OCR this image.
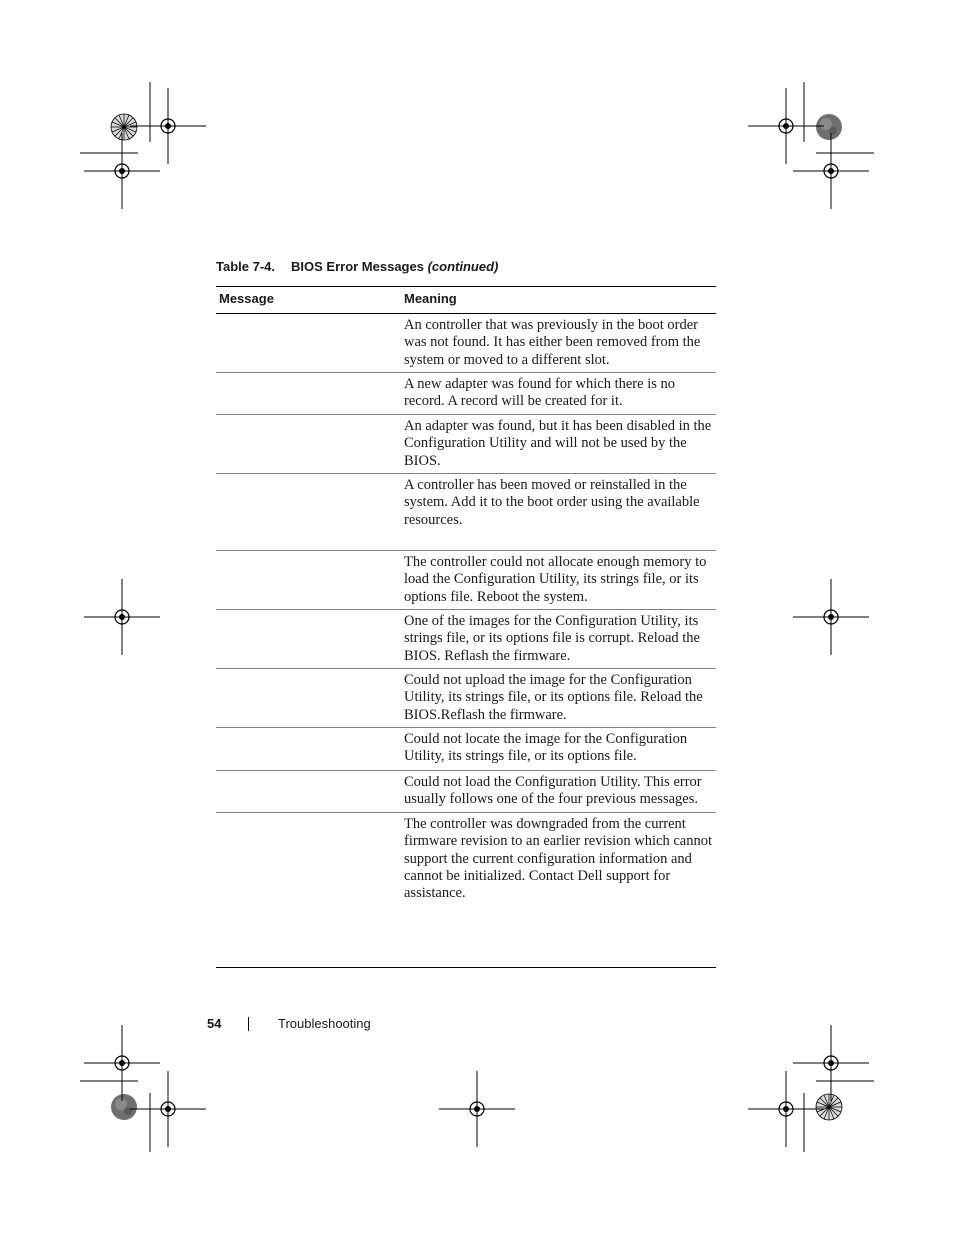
Table 7-4. BIOS Error Messages (continued)
Message	Meaning
An controller that was previously in the boot order was not found. It has either been removed from the system or moved to a different slot.
A new adapter was found for which there is no record. A record will be created for it.
An adapter was found, but it has been disabled in the Configuration Utility and will not be used by the BIOS.
A controller has been moved or reinstalled in the system. Add it to the boot order using the available resources.
The controller could not allocate enough memory to load the Configuration Utility, its strings file, or its options file. Reboot the system.
One of the images for the Configuration Utility, its strings file, or its options file is corrupt. Reload the BIOS. Reflash the firmware.
Could not upload the image for the Configuration Utility, its strings file, or its options file. Reload the BIOS.Reflash the firmware.
Could not locate the image for the Configuration Utility, its strings file, or its options file.
Could not load the Configuration Utility. This error usually follows one of the four previous messages.
The controller was downgraded from the current firmware revision to an earlier revision which cannot support the current configuration information and cannot be initialized. Contact Dell support for assistance.
54	Troubleshooting
